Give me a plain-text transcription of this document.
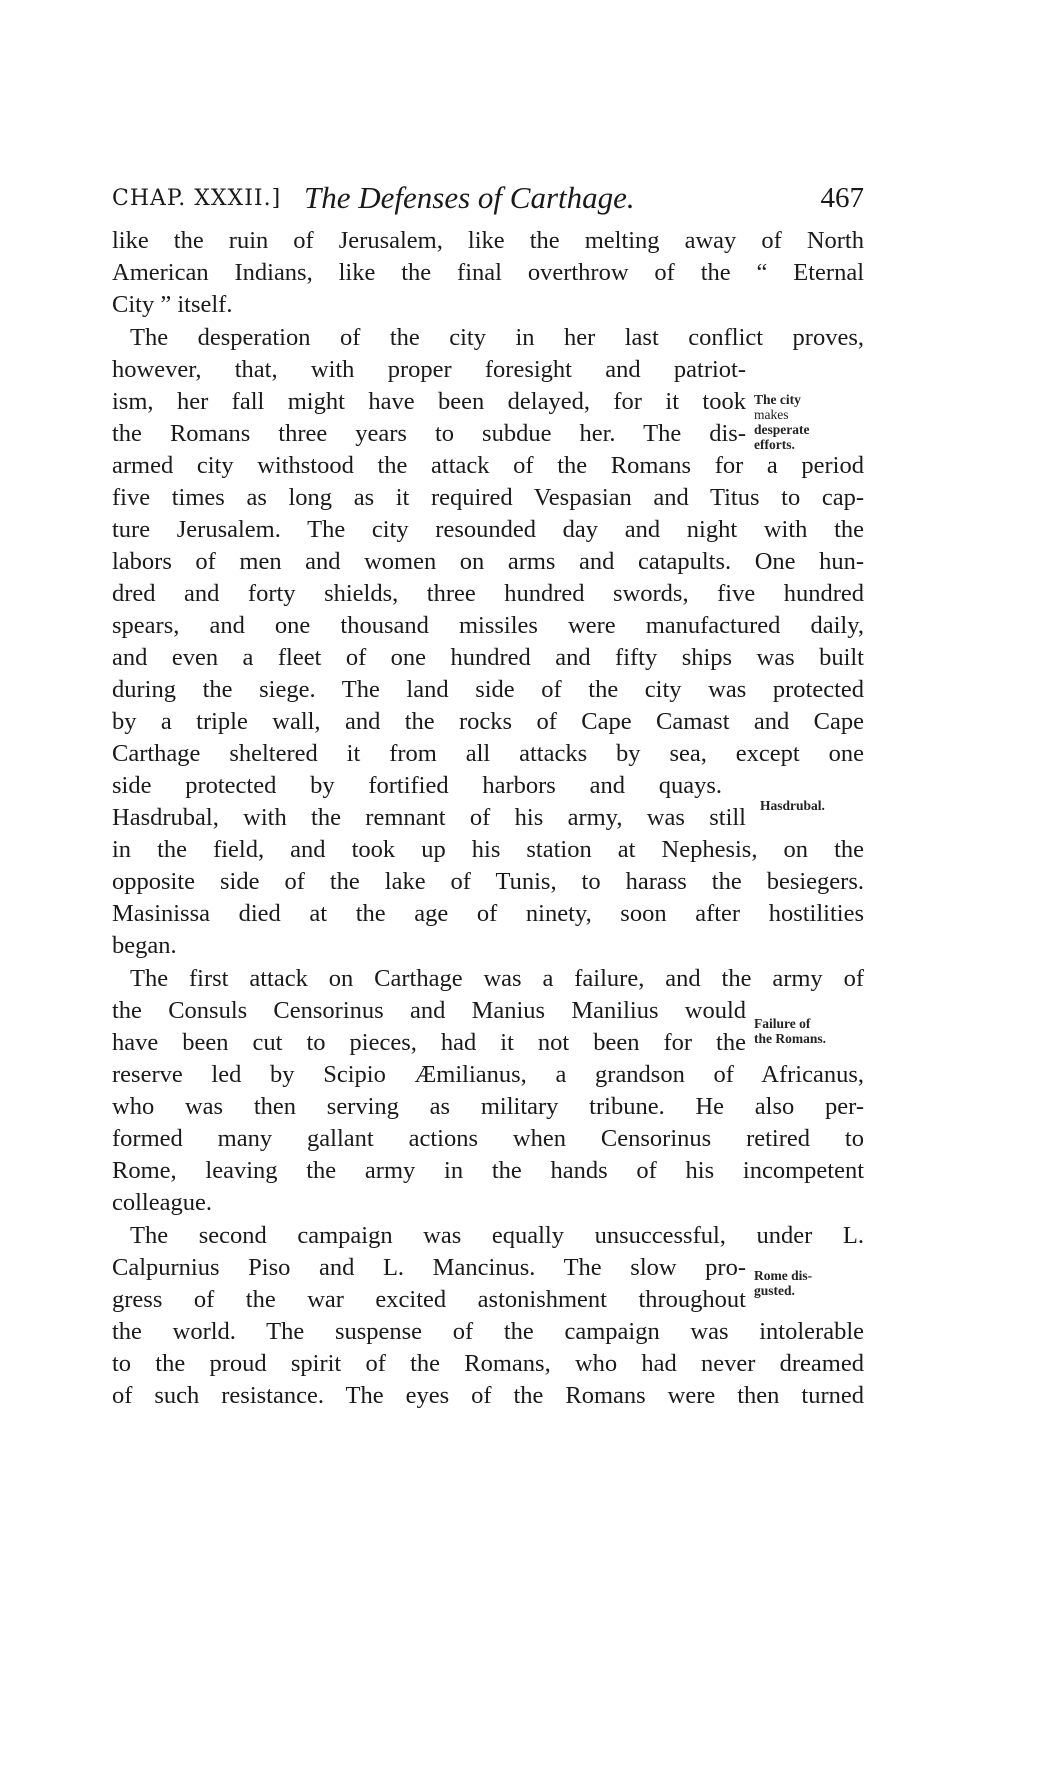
CHAP. XXXII.] The Defenses of Carthage.	467
like the ruin of Jerusalem, like the melting away of North
American Indians, like the final overthrow of the “ Eternal
City ” itself.
The desperation of the city in her last conflict proves,
however, that, with proper foresight and patriot-
ism, her fall might have been delayed, for it took
the Romans three years to subdue her. The dis-
armed city withstood the attack of the Romans for a period
five times as long as it required Vespasian and Titus to cap-
ture Jerusalem. The city resounded day and night with the
labors of men and women on arms and catapults. One hun-
dred and forty shields, three hundred swords, five hundred
spears, and one thousand missiles were manufactured daily,
and even a fleet of one hundred and fifty ships was built
during the siege. The land side of the city was protected
by a triple wall, and the rocks of Cape Camast and Cape
Carthage sheltered it from all attacks by sea, except one
side protected by fortified harbors and quays.
Hasdrubal, with the remnant of his army, was still
in the field, and took up his station at Nephesis, on the
opposite side of the lake of Tunis, to harass the besiegers.
Masinissa died at the age of ninety, soon after hostilities
began.
The first attack on Carthage was a failure, and the army of
the Consuls Censorinus and Manius Manilius would
have been cut to pieces, had it not been for the
reserve led by Scipio Æmilianus, a grandson of Africanus,
who was then serving as military tribune. He also per-
formed many gallant actions when Censorinus retired to
Rome, leaving the army in the hands of his incompetent
colleague.
The second campaign was equally unsuccessful, under L.
Calpurnius Piso and L. Mancinus. The slow pro-
gress of the war excited astonishment throughout
the world. The suspense of the campaign was intolerable
to the proud spirit of the Romans, who had never dreamed
of such resistance. The eyes of the Romans were then turned
The city
makes
desperate
efforts.
Hasdrubal.
Failure of
the Romans.
Rome dis-
gusted.
